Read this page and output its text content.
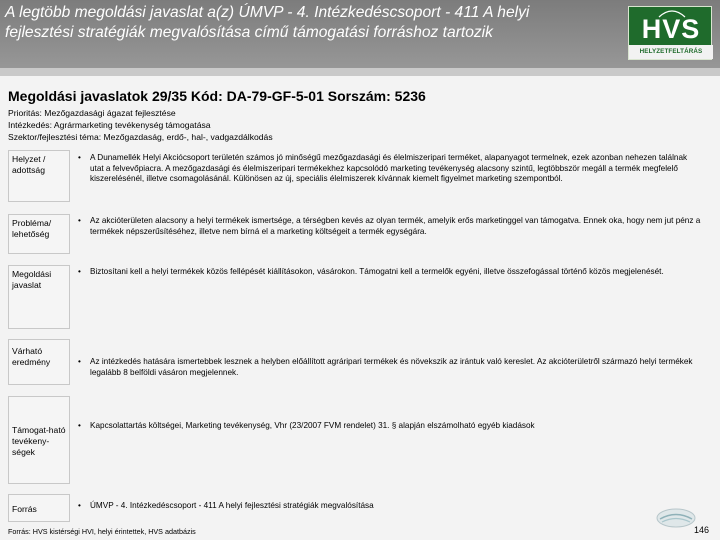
A legtöbb megoldási javaslat a(z) ÚMVP - 4. Intézkedéscsoport - 411 A helyi fejlesztési stratégiák megvalósítása című támogatási forráshoz tartozik	HVS
HELYZETFELTÁRÁS
Megoldási javaslatok 29/35 Kód: DA-79-GF-5-01 Sorszám: 5236
Prioritás: Mezőgazdasági ágazat fejlesztése
Intézkedés: Agrármarketing tevékenység támogatása
Szektor/fejlesztési téma: Mezőgazdaság, erdő-, hal-, vadgazdálkodás
Helyzet / adottság
• A Dunamellék Helyi Akciócsoport területén számos jó minőségű mezőgazdasági és élelmiszeripari terméket, alapanyagot termelnek, ezek azonban nehezen találnak utat a felvevőpiacra. A mezőgazdasági és élelmiszeripari termékekhez kapcsolódó marketing tevékenység alacsony szintű, legtöbbször megáll a termék megfelelő kiszerelésénél, illetve csomagolásánál. Különösen az új, speciális élelmiszerek kívánnak kiemelt figyelmet marketing szempontból.
Probléma/ lehetőség
• Az akcióterületen alacsony a helyi termékek ismertsége, a térségben kevés az olyan termék, amelyik erős marketinggel van támogatva. Ennek oka, hogy nem jut pénz a termékek népszerűsítéséhez, illetve nem bírná el a marketing költségeit a termék egységára.
Megoldási javaslat
• Biztosítani kell a helyi termékek közös fellépését kiállításokon, vásárokon. Támogatni kell a termelők egyéni, illetve összefogással történő közös megjelenését.
Várható eredmény	• Az intézkedés hatására ismertebbek lesznek a helyben előállított agráripari termékek és növekszik az irántuk való kereslet. Az akcióterületről származó helyi termékek legalább 8 belföldi vásáron megjelennek.
Támogat-ható tevékeny-ségek
• Kapcsolattartás költségei, Marketing tevékenység, Vhr (23/2007 FVM rendelet) 31. § alapján elszámolható egyéb kiadások
Forrás	• ÚMVP - 4. Intézkedéscsoport - 411 A helyi fejlesztési stratégiák megvalósítása
Forrás: HVS kistérségi HVI, helyi érintettek, HVS adatbázis	146
